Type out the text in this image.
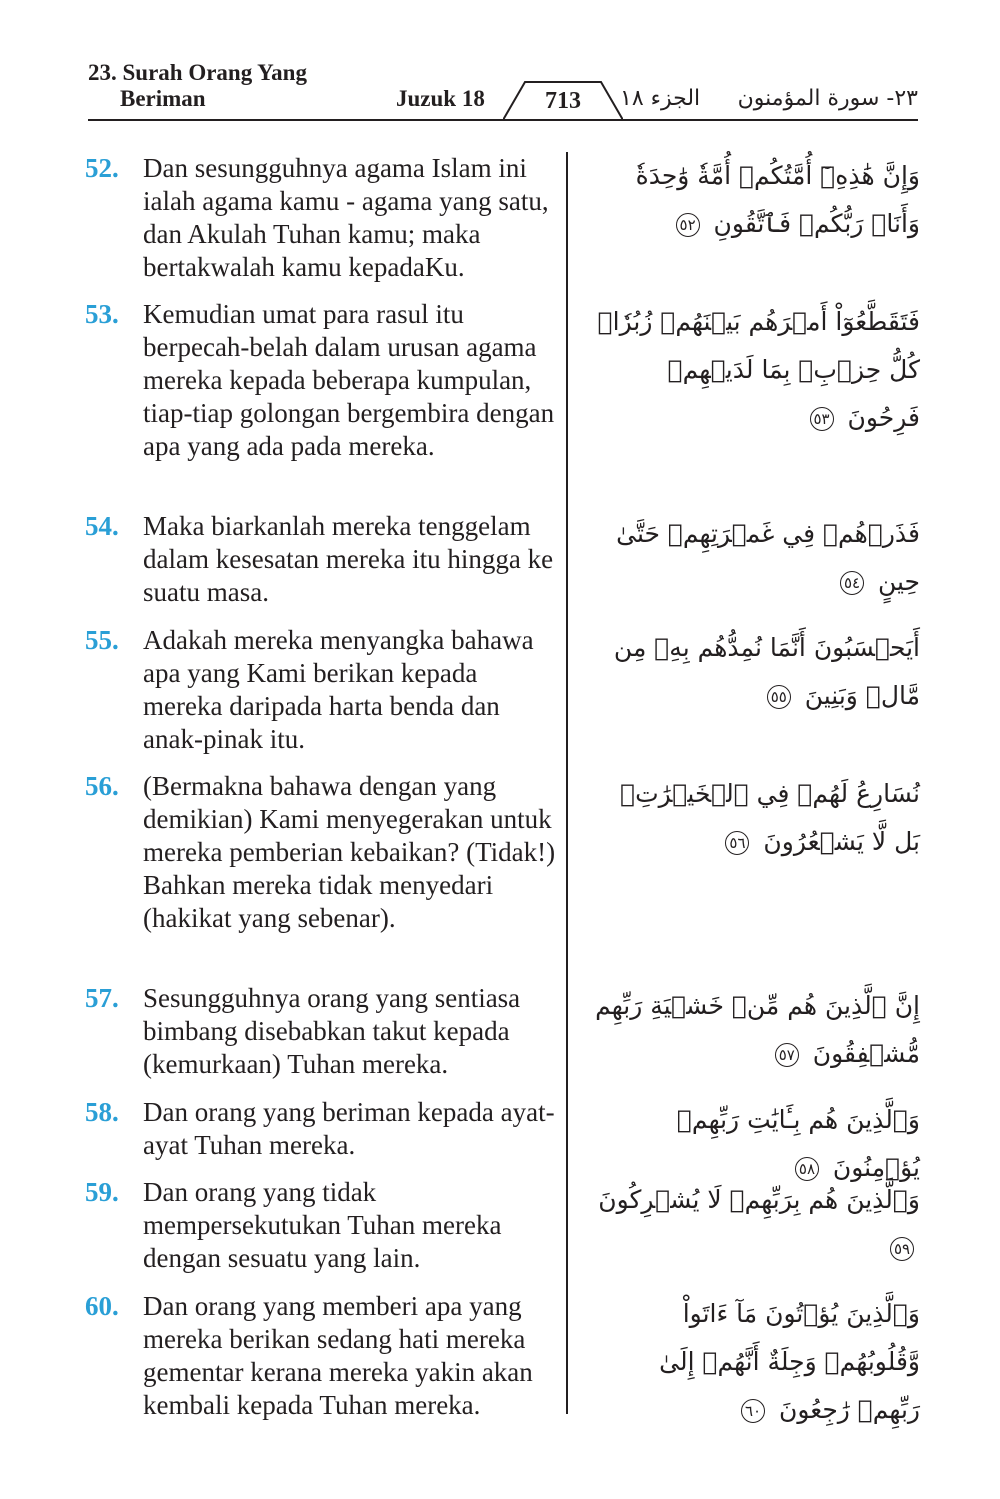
23. Surah Orang Yang
Beriman	Juzuk 18	713	الجزء ١٨ ٢٣- سورة المؤمنون
52. Dan sesungguhnya agama Islam ini ialah agama kamu - agama yang satu, dan Akulah Tuhan kamu; maka bertakwalah kamu kepadaKu.
وَإِنَّ هَٰذِهِۦٓ أُمَّتُكُمۡ أُمَّةٗ وَٰحِدَةٗ وَأَنَا۠ رَبُّكُمۡ فَٱتَّقُونِ ٥٢
53. Kemudian umat para rasul itu berpecah-belah dalam urusan agama mereka kepada beberapa kumpulan, tiap-tiap golongan bergembira dengan apa yang ada pada mereka.
فَتَقَطَّعُوٓاْ أَمۡرَهُم بَيۡنَهُمۡ زُبُرٗاۖ كُلُّ حِزۡبِۭ بِمَا لَدَيۡهِمۡ فَرِحُونَ ٥٣
54. Maka biarkanlah mereka tenggelam dalam kesesatan mereka itu hingga ke suatu masa.
فَذَرۡهُمۡ فِي غَمۡرَتِهِمۡ حَتَّىٰ حِينٍ ٥٤
55. Adakah mereka menyangka bahawa apa yang Kami berikan kepada mereka daripada harta benda dan anak-pinak itu.
أَيَحۡسَبُونَ أَنَّمَا نُمِدُّهُم بِهِۦ مِن مَّالٖ وَبَنِينَ ٥٥
56. (Bermakna bahawa dengan yang demikian) Kami menyegerakan untuk mereka pemberian kebaikan? (Tidak!) Bahkan mereka tidak menyedari (hakikat yang sebenar).
نُسَارِعُ لَهُمۡ فِي ٱلۡخَيۡرَٰتِۚ بَل لَّا يَشۡعُرُونَ ٥٦
57. Sesungguhnya orang yang sentiasa bimbang disebabkan takut kepada (kemurkaan) Tuhan mereka.
إِنَّ ٱلَّذِينَ هُم مِّنۡ خَشۡيَةِ رَبِّهِم مُّشۡفِقُونَ ٥٧
58. Dan orang yang beriman kepada ayat-ayat Tuhan mereka.
وَٱلَّذِينَ هُم بِـَٔايَٰتِ رَبِّهِمۡ يُؤۡمِنُونَ ٥٨
59. Dan orang yang tidak mempersekutukan Tuhan mereka dengan sesuatu yang lain.
وَٱلَّذِينَ هُم بِرَبِّهِمۡ لَا يُشۡرِكُونَ ٥٩
60. Dan orang yang memberi apa yang mereka berikan sedang hati mereka gementar kerana mereka yakin akan kembali kepada Tuhan mereka.
وَٱلَّذِينَ يُؤۡتُونَ مَآ ءَاتَواْ وَّقُلُوبُهُمۡ وَجِلَةٌ أَنَّهُمۡ إِلَىٰ رَبِّهِمۡ رَٰجِعُونَ ٦٠
